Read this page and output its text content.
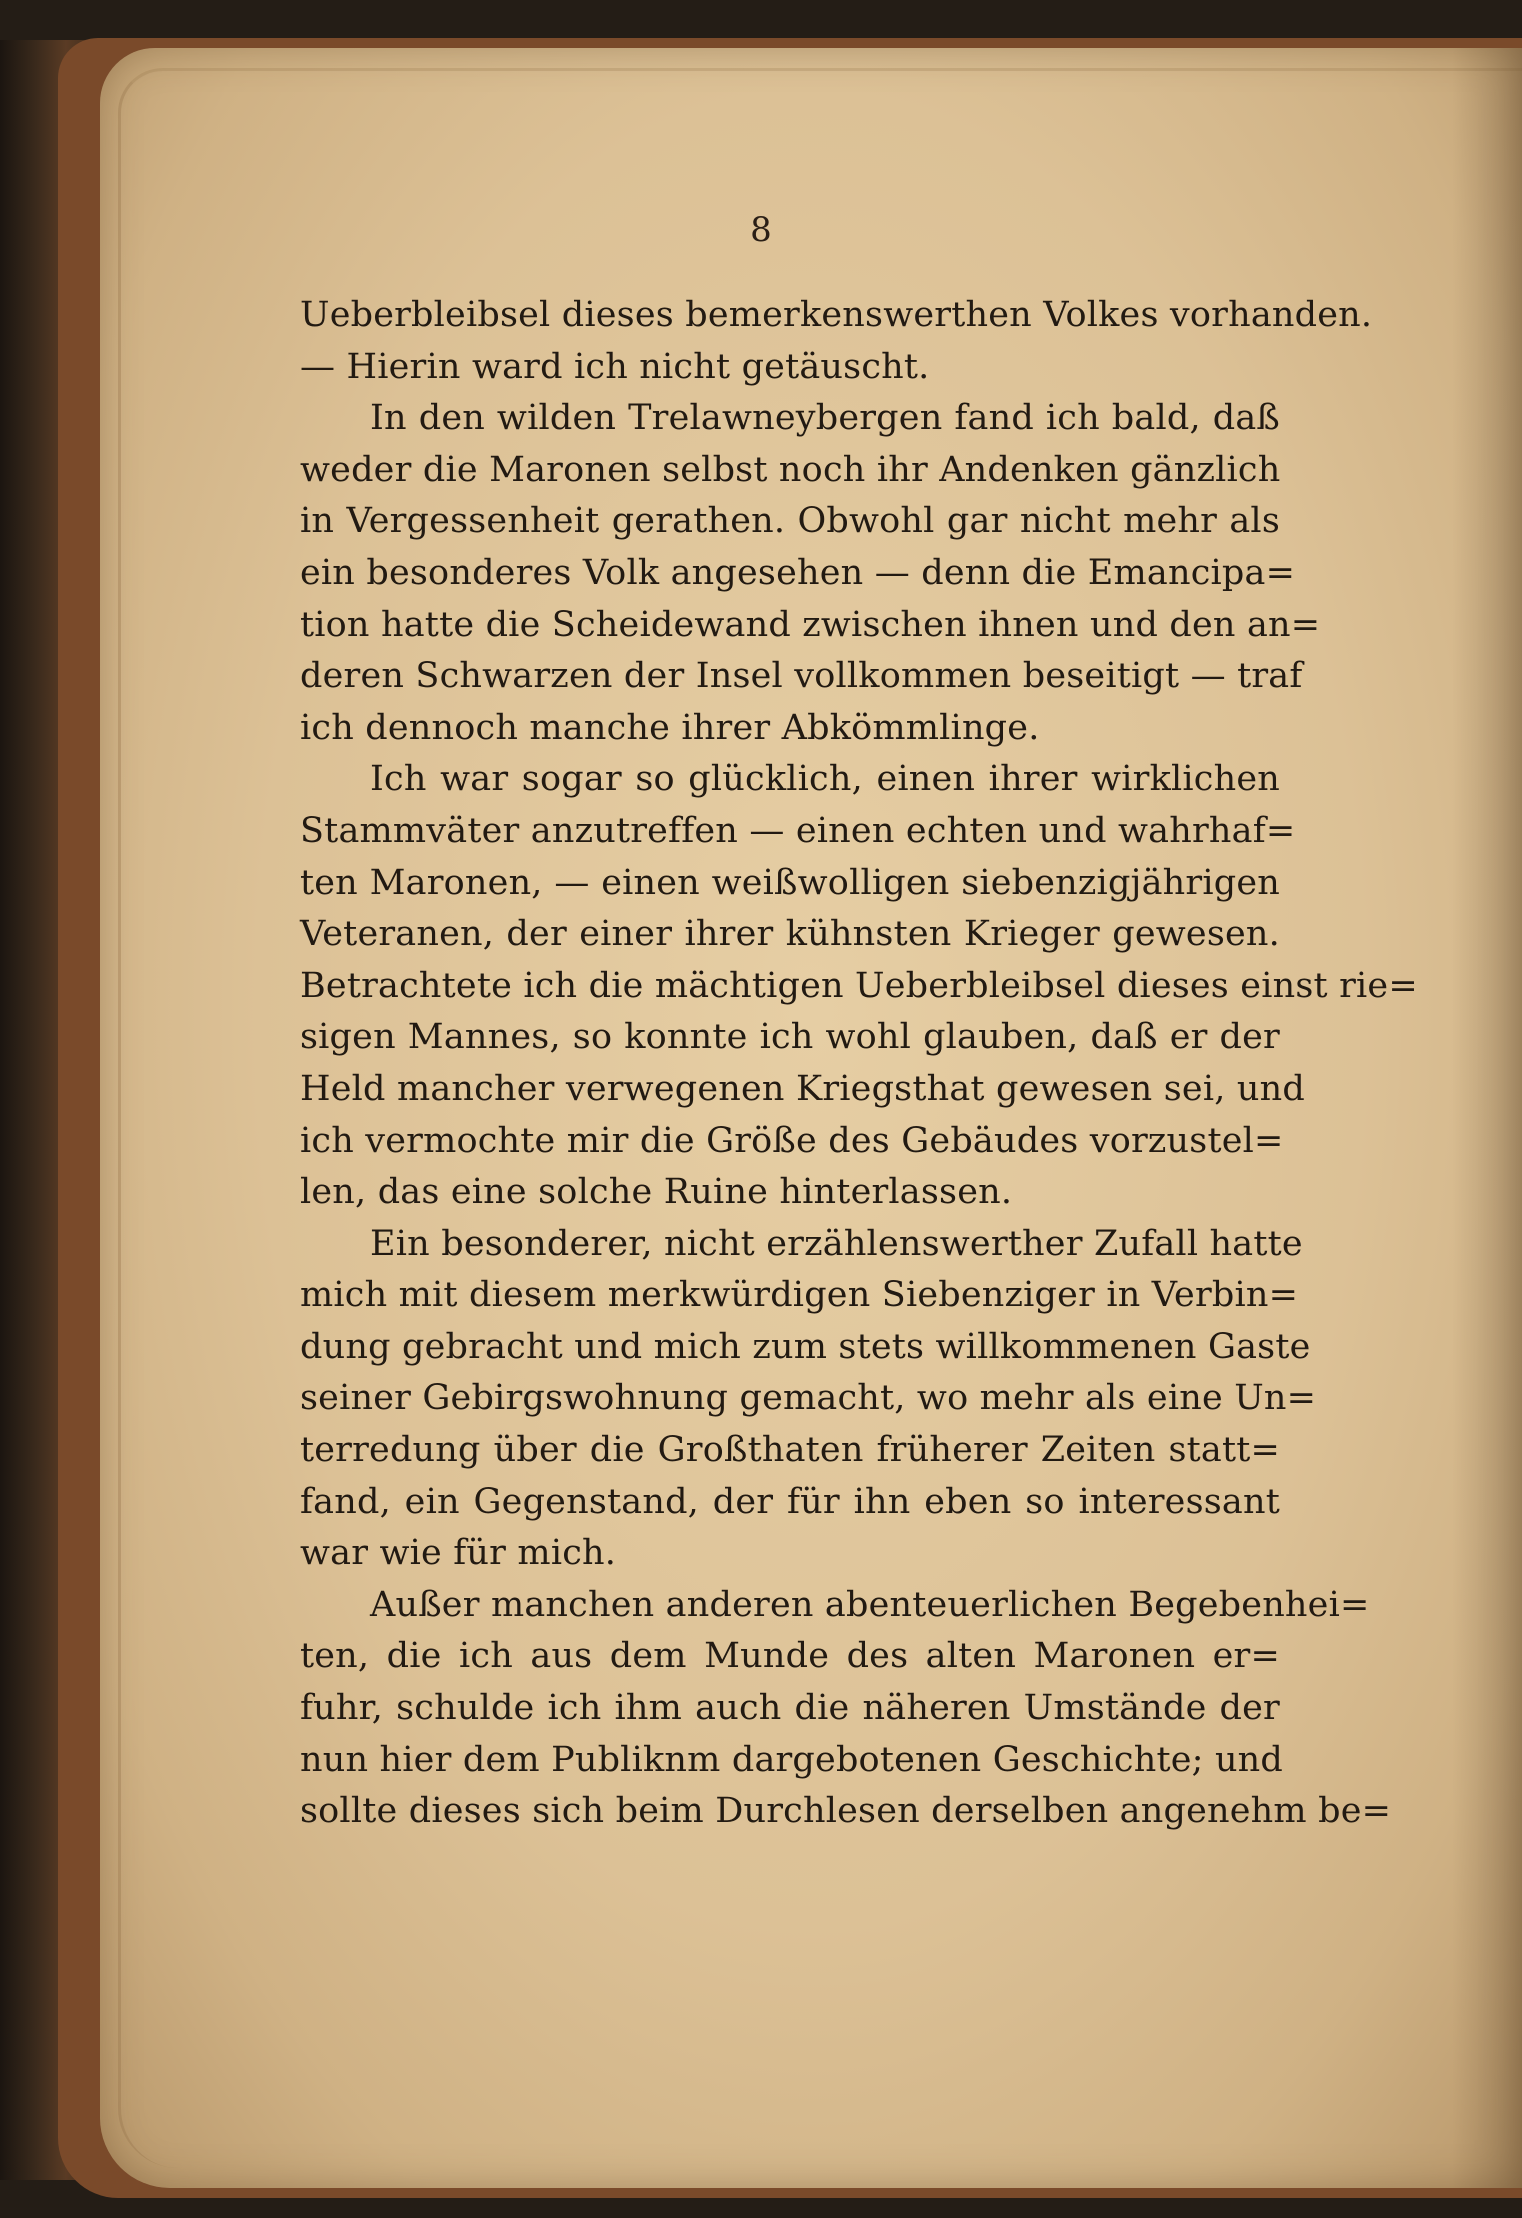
8
Ueberbleibsel dieses bemerkenswerthen Volkes vorhanden.
— Hierin ward ich nicht getäuscht.
In den wilden Trelawneybergen fand ich bald, daß
weder die Maronen selbst noch ihr Andenken gänzlich
in Vergessenheit gerathen. Obwohl gar nicht mehr als
ein besonderes Volk angesehen — denn die Emancipa=
tion hatte die Scheidewand zwischen ihnen und den an=
deren Schwarzen der Insel vollkommen beseitigt — traf
ich dennoch manche ihrer Abkömmlinge.
Ich war sogar so glücklich, einen ihrer wirklichen
Stammväter anzutreffen — einen echten und wahrhaf=
ten Maronen, — einen weißwolligen siebenzigjährigen
Veteranen, der einer ihrer kühnsten Krieger gewesen.
Betrachtete ich die mächtigen Ueberbleibsel dieses einst rie=
sigen Mannes, so konnte ich wohl glauben, daß er der
Held mancher verwegenen Kriegsthat gewesen sei, und
ich vermochte mir die Größe des Gebäudes vorzustel=
len, das eine solche Ruine hinterlassen.
Ein besonderer, nicht erzählenswerther Zufall hatte
mich mit diesem merkwürdigen Siebenziger in Verbin=
dung gebracht und mich zum stets willkommenen Gaste
seiner Gebirgswohnung gemacht, wo mehr als eine Un=
terredung über die Großthaten früherer Zeiten statt=
fand, ein Gegenstand, der für ihn eben so interessant
war wie für mich.
Außer manchen anderen abenteuerlichen Begebenhei=
ten, die ich aus dem Munde des alten Maronen er=
fuhr, schulde ich ihm auch die näheren Umstände der
nun hier dem Publiknm dargebotenen Geschichte; und
sollte dieses sich beim Durchlesen derselben angenehm be=
